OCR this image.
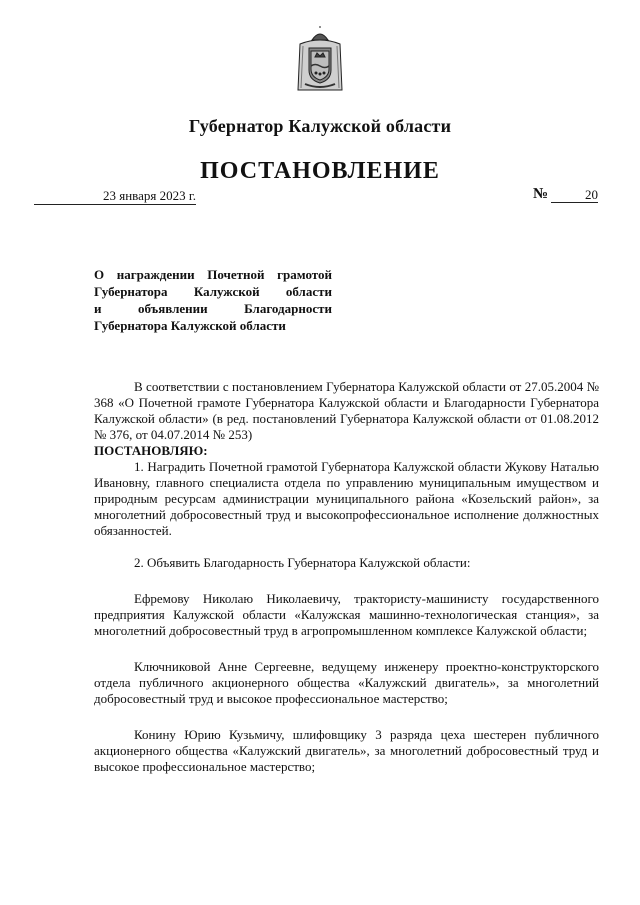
Губернатор Калужской области
ПОСТАНОВЛЕНИЕ
23 января 2023 г.	№	20
О награждении Почетной грамотой
Губернатора Калужской области
и объявлении Благодарности
Губернатора Калужской области

В соответствии с постановлением Губернатора Калужской области от 27.05.2004 № 368 «О Почетной грамоте Губернатора Калужской области и Благодарности Губернатора Калужской области» (в ред. постановлений Губернатора Калужской области от 01.08.2012 № 376, от 04.07.2014 № 253)

ПОСТАНОВЛЯЮ:

1. Наградить Почетной грамотой Губернатора Калужской области Жукову Наталью Ивановну, главного специалиста отдела по управлению муниципальным имуществом и природным ресурсам администрации муниципального района «Козельский район», за многолетний добросовестный труд и высокопрофессиональное исполнение должностных обязанностей.

2. Объявить Благодарность Губернатора Калужской области:

Ефремову Николаю Николаевичу, трактористу-машинисту государственного предприятия Калужской области «Калужская машинно-технологическая станция», за многолетний добросовестный труд в агропромышленном комплексе Калужской области;

Ключниковой Анне Сергеевне, ведущему инженеру проектно-конструкторского отдела публичного акционерного общества «Калужский двигатель», за многолетний добросовестный труд и высокое профессиональное мастерство;

Конину Юрию Кузьмичу, шлифовщику 3 разряда цеха шестерен публичного акционерного общества «Калужский двигатель», за многолетний добросовестный труд и высокое профессиональное мастерство;
